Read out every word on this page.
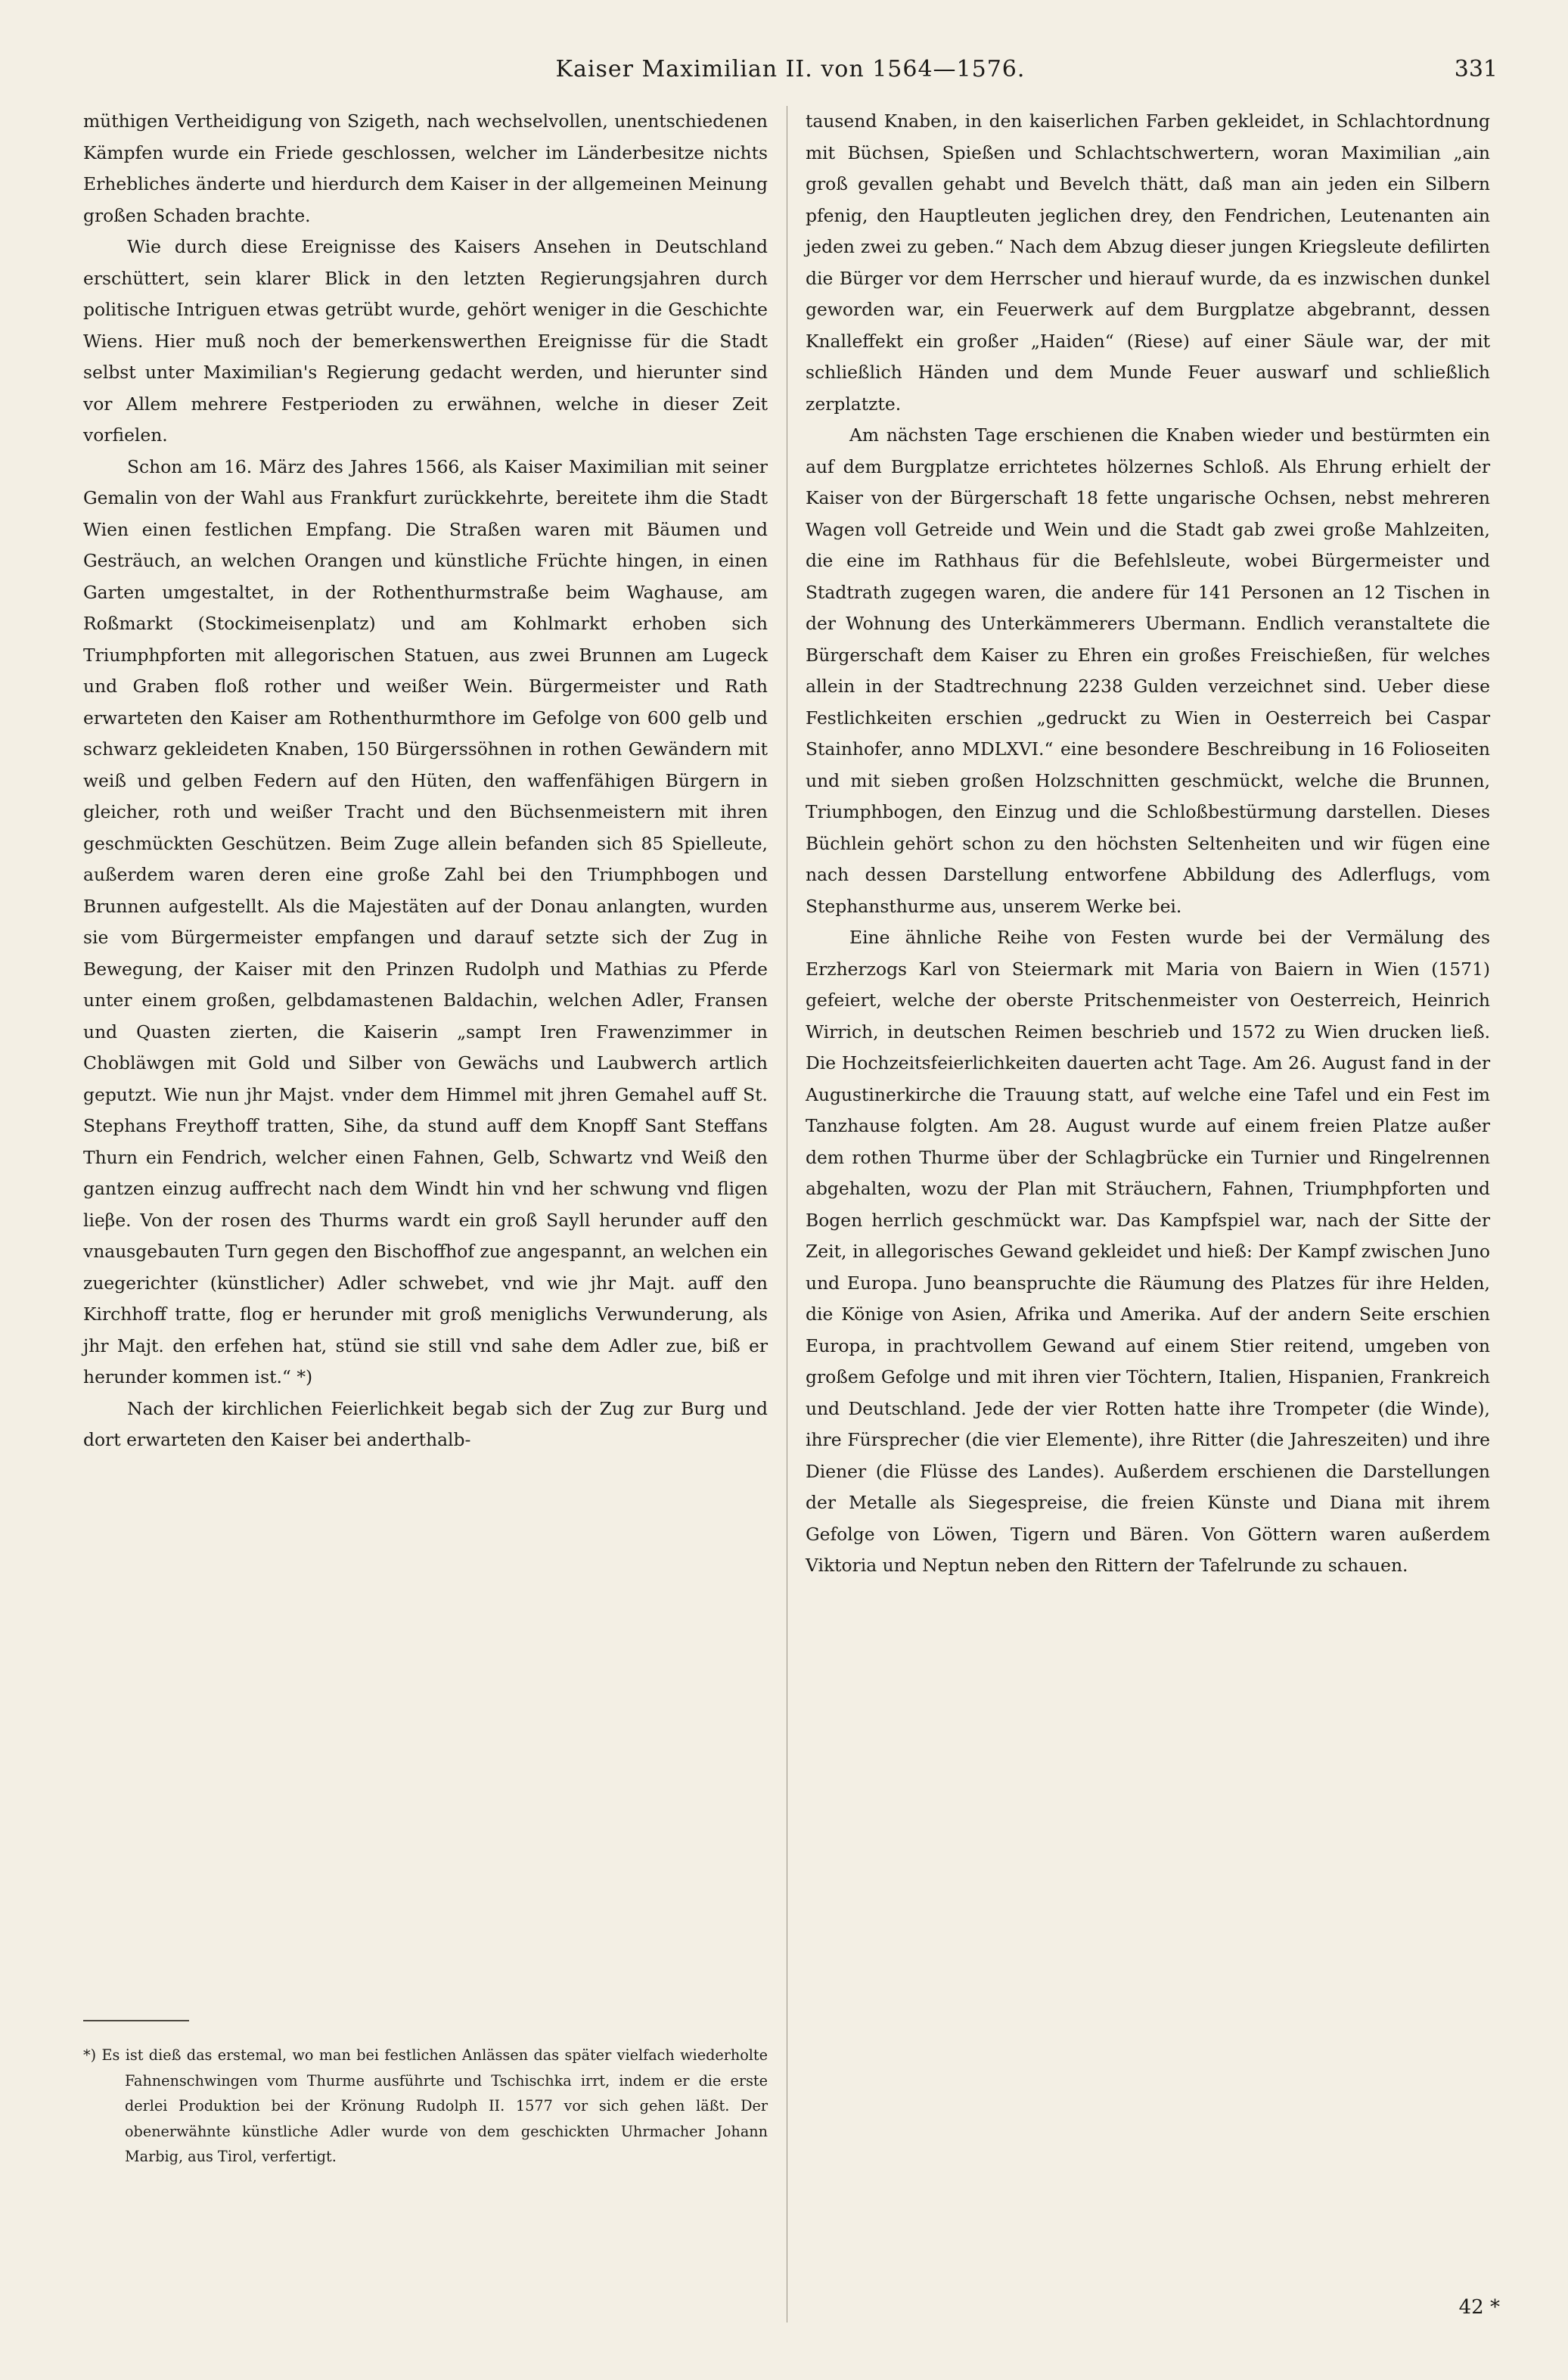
Kaiser Maximilian II. von 1564—1576.	331

müthigen Vertheidigung von Szigeth, nach wechselvollen, unentschiedenen Kämpfen wurde ein Friede geschlossen, welcher im Länderbesitze nichts Erhebliches änderte und hierdurch dem Kaiser in der allgemeinen Meinung großen Schaden brachte.

Wie durch diese Ereignisse des Kaisers Ansehen in Deutschland erschüttert, sein klarer Blick in den letzten Regierungsjahren durch politische Intriguen etwas getrübt wurde, gehört weniger in die Geschichte Wiens. Hier muß noch der bemerkenswerthen Ereignisse für die Stadt selbst unter Maximilian's Regierung gedacht werden, und hierunter sind vor Allem mehrere Festperioden zu erwähnen, welche in dieser Zeit vorfielen.

Schon am 16. März des Jahres 1566, als Kaiser Maximilian mit seiner Gemalin von der Wahl aus Frankfurt zurückkehrte, bereitete ihm die Stadt Wien einen festlichen Empfang. Die Straßen waren mit Bäumen und Gesträuch, an welchen Orangen und künstliche Früchte hingen, in einen Garten umgestaltet, in der Rothenthurmstraße beim Waghause, am Roßmarkt (Stockimeisenplatz) und am Kohlmarkt erhoben sich Triumphpforten mit allegorischen Statuen, aus zwei Brunnen am Lugeck und Graben floß rother und weißer Wein. Bürgermeister und Rath erwarteten den Kaiser am Rothenthurmthore im Gefolge von 600 gelb und schwarz gekleideten Knaben, 150 Bürgerssöhnen in rothen Gewändern mit weiß und gelben Federn auf den Hüten, den waffenfähigen Bürgern in gleicher, roth und weißer Tracht und den Büchsenmeistern mit ihren geschmückten Geschützen. Beim Zuge allein befanden sich 85 Spielleute, außerdem waren deren eine große Zahl bei den Triumphbogen und Brunnen aufgestellt. Als die Majestäten auf der Donau anlangten, wurden sie vom Bürgermeister empfangen und darauf setzte sich der Zug in Bewegung, der Kaiser mit den Prinzen Rudolph und Mathias zu Pferde unter einem großen, gelbdamastenen Baldachin, welchen Adler, Fransen und Quasten zierten, die Kaiserin „sampt Iren Frawenzimmer in Chobläwgen mit Gold und Silber von Gewächs und Laubwerch artlich geputzt. Wie nun jhr Majst. vnder dem Himmel mit jhren Gemahel auff St. Stephans Freythoff tratten, Sihe, da stund auff dem Knopff Sant Steffans Thurn ein Fendrich, welcher einen Fahnen, Gelb, Schwartz vnd Weiß den gantzen einzug auffrecht nach dem Windt hin vnd her schwung vnd fligen lieβe. Von der rosen des Thurms wardt ein groß Sayll herunder auff den vnausgebauten Turn gegen den Bischoffhof zue angespannt, an welchen ein zuegerichter (künstlicher) Adler schwebet, vnd wie jhr Majt. auff den Kirchhoff tratte, flog er herunder mit groß meniglichs Verwunderung, als jhr Majt. den erfehen hat, stünd sie still vnd sahe dem Adler zue, biß er herunder kommen ist.“ *)

Nach der kirchlichen Feierlichkeit begab sich der Zug zur Burg und dort erwarteten den Kaiser bei anderthalb-

tausend Knaben, in den kaiserlichen Farben gekleidet, in Schlachtordnung mit Büchsen, Spießen und Schlachtschwertern, woran Maximilian „ain groß gevallen gehabt und Bevelch thätt, daß man ain jeden ein Silbern pfenig, den Hauptleuten jeglichen drey, den Fendrichen, Leutenanten ain jeden zwei zu geben.“ Nach dem Abzug dieser jungen Kriegsleute defilirten die Bürger vor dem Herrscher und hierauf wurde, da es inzwischen dunkel geworden war, ein Feuerwerk auf dem Burgplatze abgebrannt, dessen Knalleffekt ein großer „Haiden“ (Riese) auf einer Säule war, der mit schließlich Händen und dem Munde Feuer auswarf und schließlich zerplatzte.

Am nächsten Tage erschienen die Knaben wieder und bestürmten ein auf dem Burgplatze errichtetes hölzernes Schloß. Als Ehrung erhielt der Kaiser von der Bürgerschaft 18 fette ungarische Ochsen, nebst mehreren Wagen voll Getreide und Wein und die Stadt gab zwei große Mahlzeiten, die eine im Rathhaus für die Befehlsleute, wobei Bürgermeister und Stadtrath zugegen waren, die andere für 141 Personen an 12 Tischen in der Wohnung des Unterkämmerers Ubermann. Endlich veranstaltete die Bürgerschaft dem Kaiser zu Ehren ein großes Freischießen, für welches allein in der Stadtrechnung 2238 Gulden verzeichnet sind. Ueber diese Festlichkeiten erschien „gedruckt zu Wien in Oesterreich bei Caspar Stainhofer, anno MDLXVI.“ eine besondere Beschreibung in 16 Folioseiten und mit sieben großen Holzschnitten geschmückt, welche die Brunnen, Triumphbogen, den Einzug und die Schloßbestürmung darstellen. Dieses Büchlein gehört schon zu den höchsten Seltenheiten und wir fügen eine nach dessen Darstellung entworfene Abbildung des Adlerflugs, vom Stephansthurme aus, unserem Werke bei.

Eine ähnliche Reihe von Festen wurde bei der Vermälung des Erzherzogs Karl von Steiermark mit Maria von Baiern in Wien (1571) gefeiert, welche der oberste Pritschenmeister von Oesterreich, Heinrich Wirrich, in deutschen Reimen beschrieb und 1572 zu Wien drucken ließ. Die Hochzeitsfeierlichkeiten dauerten acht Tage. Am 26. August fand in der Augustinerkirche die Trauung statt, auf welche eine Tafel und ein Fest im Tanzhause folgten. Am 28. August wurde auf einem freien Platze außer dem rothen Thurme über der Schlagbrücke ein Turnier und Ringelrennen abgehalten, wozu der Plan mit Sträuchern, Fahnen, Triumphpforten und Bogen herrlich geschmückt war. Das Kampfspiel war, nach der Sitte der Zeit, in allegorisches Gewand gekleidet und hieß: Der Kampf zwischen Juno und Europa. Juno beanspruchte die Räumung des Platzes für ihre Helden, die Könige von Asien, Afrika und Amerika. Auf der andern Seite erschien Europa, in prachtvollem Gewand auf einem Stier reitend, umgeben von großem Gefolge und mit ihren vier Töchtern, Italien, Hispanien, Frankreich und Deutschland. Jede der vier Rotten hatte ihre Trompeter (die Winde), ihre Fürsprecher (die vier Elemente), ihre Ritter (die Jahreszeiten) und ihre Diener (die Flüsse des Landes). Außerdem erschienen die Darstellungen der Metalle als Siegespreise, die freien Künste und Diana mit ihrem Gefolge von Löwen, Tigern und Bären. Von Göttern waren außerdem Viktoria und Neptun neben den Rittern der Tafelrunde zu schauen.

*) Es ist dieß das erstemal, wo man bei festlichen Anlässen das später vielfach wiederholte Fahnenschwingen vom Thurme ausführte und Tschischka irrt, indem er die erste derlei Produktion bei der Krönung Rudolph II. 1577 vor sich gehen läßt. Der obenerwähnte künstliche Adler wurde von dem geschickten Uhrmacher Johann Marbig, aus Tirol, verfertigt.

42 *
